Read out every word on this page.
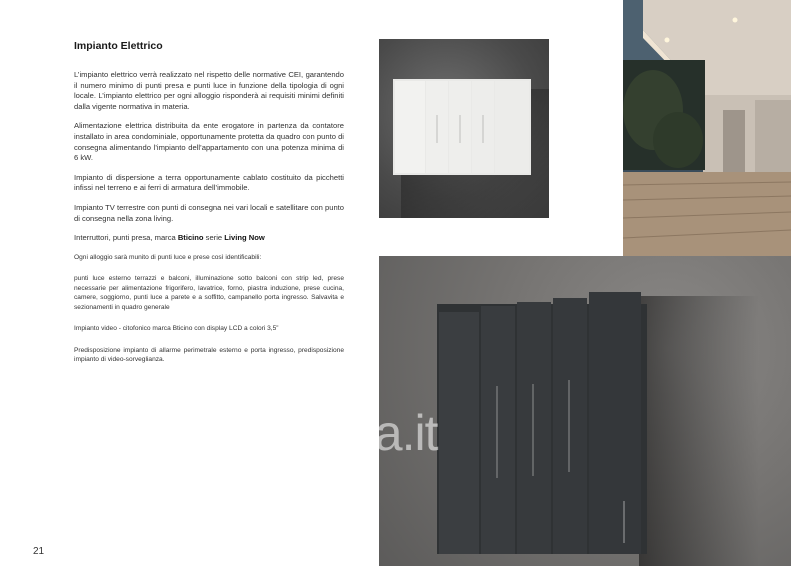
Impianto Elettrico

L’impianto elettrico verrà realizzato nel rispetto delle normative CEI, garantendo il numero minimo di punti presa e punti luce in funzione della tipologia di ogni locale. L’impianto elettrico per ogni alloggio risponderà ai requisiti minimi definiti dalla vigente normativa in materia.

Alimentazione elettrica distribuita da ente erogatore in partenza da contatore installato in area condominiale, opportunamente protetta da quadro con punto di consegna alimentando l’impianto dell’appartamento con una potenza minima di 6 kW.

Impianto di dispersione a terra opportunamente cablato costituito da picchetti infissi nel terreno e ai ferri di armatura dell’immobile.

Impianto TV terrestre con punti di consegna nei vari locali e satellitare con punto di consegna nella zona living.

Interruttori, punti presa, marca Bticino serie Living Now

Ogni alloggio sarà munito di punti luce e prese così identificabili:

punti luce esterno terrazzi e balconi, illuminazione sotto balconi con strip led, prese necessarie per alimentazione frigorifero, lavatrice, forno, piastra induzione, prese cucina, camere, soggiorno, punti luce a parete e a soffitto, campanello porta ingresso. Salvavita e sezionamenti in quadro generale

Impianto video - citofonico marca Bticino con display LCD a colori 3,5”

Predisposizione impianto di allarme perimetrale esterno e porta ingresso, predisposizione impianto di video-sorveglianza.

21
casa.it
